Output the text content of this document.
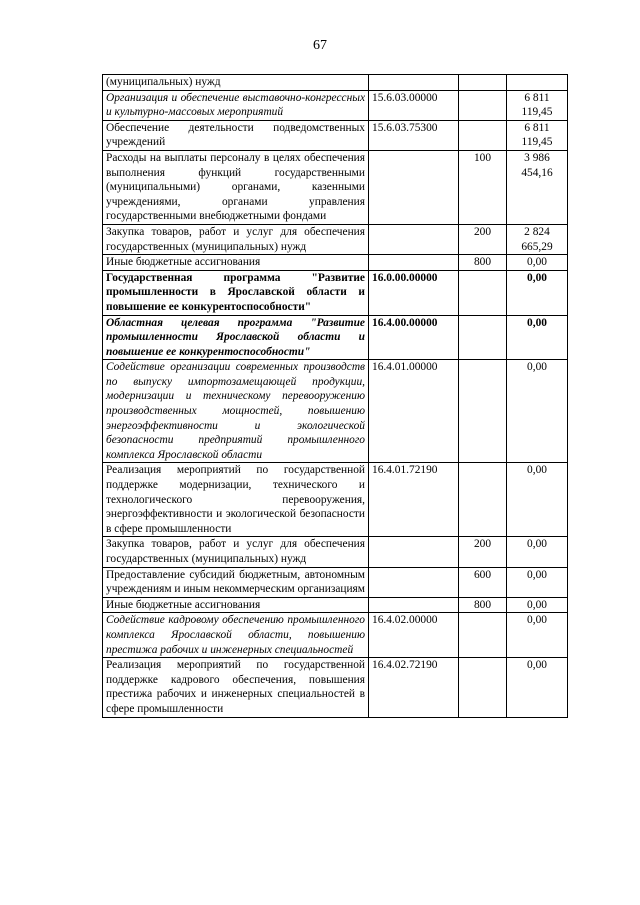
67
(муниципальных) нужд			
Организация и обеспечение выставочно-конгрессных и культурно-массовых мероприятий	15.6.03.00000		6 811 119,45
Обеспечение деятельности подведомственных учреждений	15.6.03.75300		6 811 119,45
Расходы на выплаты персоналу в целях обеспечения выполнения функций государственными (муниципальными) органами, казенными учреждениями, органами управления государственными внебюджетными фондами		100	3 986 454,16
Закупка товаров, работ и услуг для обеспечения государственных (муниципальных) нужд		200	2 824 665,29
Иные бюджетные ассигнования		800	0,00
Государственная программа "Развитие промышленности в Ярославской области и повышение ее конкурентоспособности"	16.0.00.00000		0,00
Областная целевая программа "Развитие промышленности Ярославской области и повышение ее конкурентоспособности"	16.4.00.00000		0,00
Содействие организации современных производств по выпуску импортозамещающей продукции, модернизации и техническому перевооружению производственных мощностей, повышению энергоэффективности и экологической безопасности предприятий промышленного комплекса Ярославской области	16.4.01.00000		0,00
Реализация мероприятий по государственной поддержке модернизации, технического и технологического перевооружения, энергоэффективности и экологической безопасности в сфере промышленности	16.4.01.72190		0,00
Закупка товаров, работ и услуг для обеспечения государственных (муниципальных) нужд		200	0,00
Предоставление субсидий бюджетным, автономным учреждениям и иным некоммерческим организациям		600	0,00
Иные бюджетные ассигнования		800	0,00
Содействие кадровому обеспечению промышленного комплекса Ярославской области, повышению престижа рабочих и инженерных специальностей	16.4.02.00000		0,00
Реализация мероприятий по государственной поддержке кадрового обеспечения, повышения престижа рабочих и инженерных специальностей в сфере промышленности	16.4.02.72190		0,00
